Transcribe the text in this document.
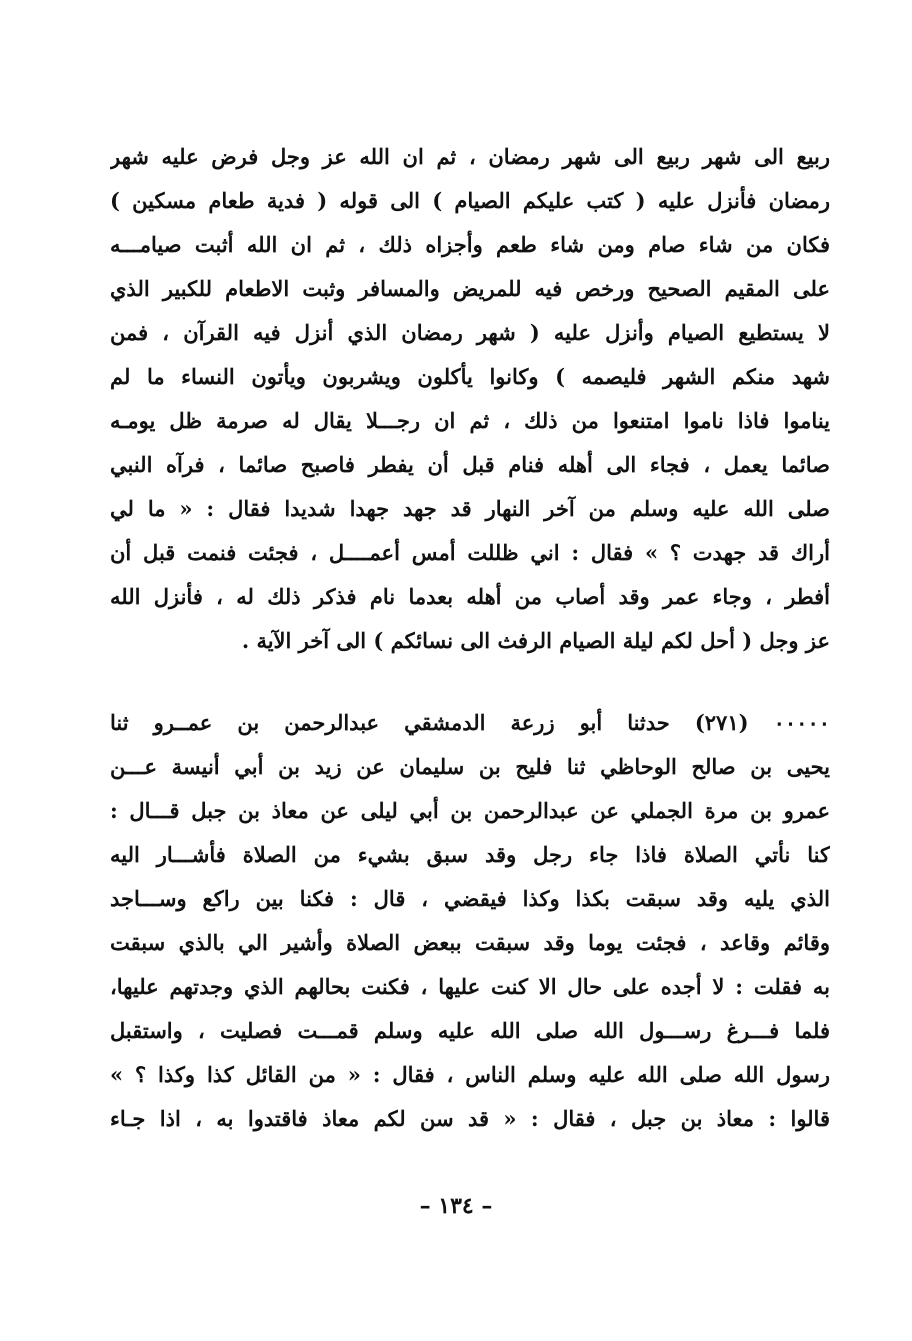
ربيع الى شهر ربيع الى شهر رمضان ، ثم ان الله عز وجل فرض عليه شهر
رمضان فأنزل عليه ( كتب عليكم الصيام ) الى قوله ( فدية طعام مسكين )
فكان من شاء صام ومن شاء طعم وأجزاه ذلك ، ثم ان الله أثبت صيامـــه
على المقيم الصحيح ورخص فيه للمريض والمسافر وثبت الاطعام للكبير الذي
لا يستطيع الصيام وأنزل عليه ( شهر رمضان الذي أنزل فيه القرآن ، فمن
شهد منكم الشهر فليصمه ) وكانوا يأكلون ويشربون ويأتون النساء ما لم
يناموا فاذا ناموا امتنعوا من ذلك ، ثم ان رجـــلا يقال له صرمة ظل يومـه
صائما يعمل ، فجاء الى أهله فنام قبل أن يفطر فاصبح صائما ، فرآه النبي
صلى الله عليه وسلم من آخر النهار قد جهد جهدا شديدا فقال : « ما لي
أراك قد جهدت ؟ » فقال : اني ظللت أمس أعمــــل ، فجئت فنمت قبل أن
أفطر ، وجاء عمر وقد أصاب من أهله بعدما نام فذكر ذلك له ، فأنزل الله
عز وجل ( أحل لكم ليلة الصيام الرفث الى نسائكم ) الى آخر الآية .
٠٠٠٠٠ (٢٧١) حدثنا أبو زرعة الدمشقي عبدالرحمن بن عمــرو ثنا
يحيى بن صالح الوحاظي ثنا فليح بن سليمان عن زيد بن أبي أنيسة عـــن
عمرو بن مرة الجملي عن عبدالرحمن بن أبي ليلى عن معاذ بن جبل قـــال :
كنا نأتي الصلاة فاذا جاء رجل وقد سبق بشيء من الصلاة فأشـــار اليه
الذي يليه وقد سبقت بكذا وكذا فيقضي ، قال : فكنا بين راكع وســـاجد
وقائم وقاعد ، فجئت يوما وقد سبقت ببعض الصلاة وأشير الي بالذي سبقت
به فقلت : لا أجده على حال الا كنت عليها ، فكنت بحالهم الذي وجدتهم عليها،
فلما فـــرغ رســـول الله صلى الله عليه وسلم قمـــت فصليت ، واستقبل
رسول الله صلى الله عليه وسلم الناس ، فقال : « من القائل كذا وكذا ؟ »
قالوا : معاذ بن جبل ، فقال : « قد سن لكم معاذ فاقتدوا به ، اذا جـاء
– ١٣٤ –
